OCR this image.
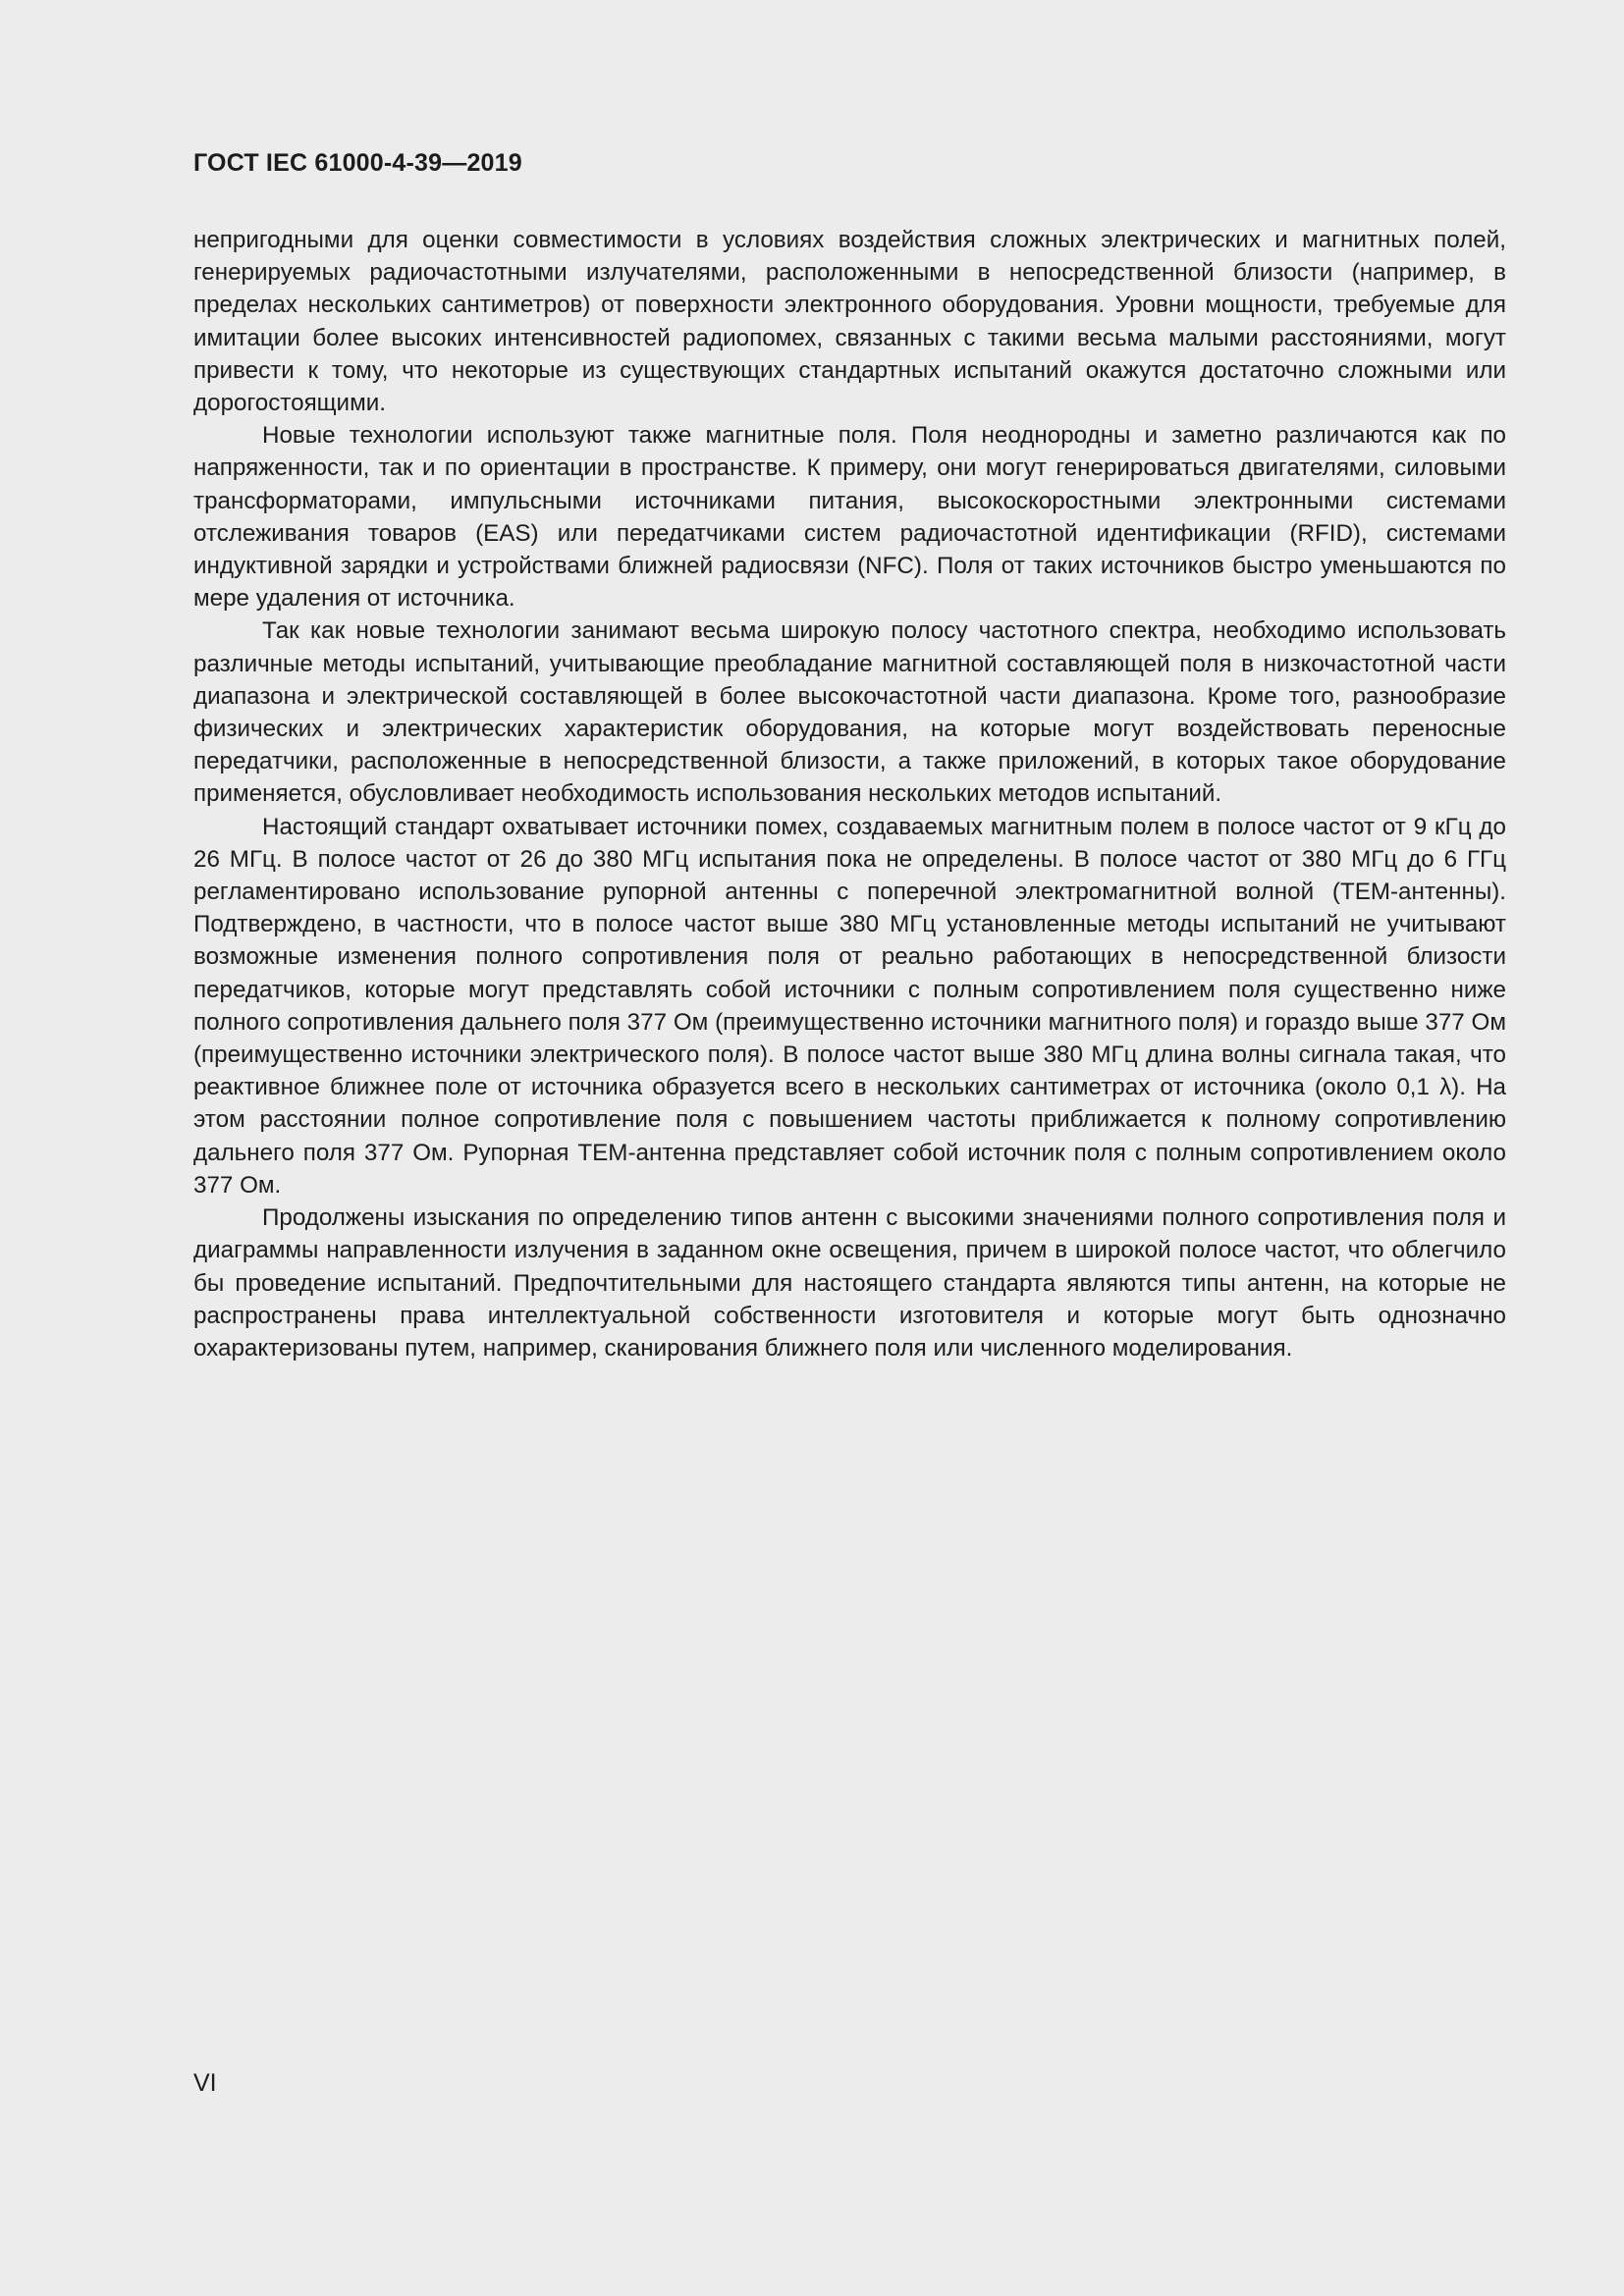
ГОСТ IEC 61000-4-39—2019

непригодными для оценки совместимости в условиях воздействия сложных электрических и магнитных полей, генерируемых радиочастотными излучателями, расположенными в непосредственной близости (например, в пределах нескольких сантиметров) от поверхности электронного оборудования. Уровни мощности, требуемые для имитации более высоких интенсивностей радиопомех, связанных с такими весьма малыми расстояниями, могут привести к тому, что некоторые из существующих стандартных испытаний окажутся достаточно сложными или дорогостоящими.

Новые технологии используют также магнитные поля. Поля неоднородны и заметно различаются как по напряженности, так и по ориентации в пространстве. К примеру, они могут генерироваться двигателями, силовыми трансформаторами, импульсными источниками питания, высокоскоростными электронными системами отслеживания товаров (EAS) или передатчиками систем радиочастотной идентификации (RFID), системами индуктивной зарядки и устройствами ближней радиосвязи (NFC). Поля от таких источников быстро уменьшаются по мере удаления от источника.

Так как новые технологии занимают весьма широкую полосу частотного спектра, необходимо использовать различные методы испытаний, учитывающие преобладание магнитной составляющей поля в низкочастотной части диапазона и электрической составляющей в более высокочастотной части диапазона. Кроме того, разнообразие физических и электрических характеристик оборудования, на которые могут воздействовать переносные передатчики, расположенные в непосредственной близости, а также приложений, в которых такое оборудование применяется, обусловливает необходимость использования нескольких методов испытаний.

Настоящий стандарт охватывает источники помех, создаваемых магнитным полем в полосе частот от 9 кГц до 26 МГц. В полосе частот от 26 до 380 МГц испытания пока не определены. В полосе частот от 380 МГц до 6 ГГц регламентировано использование рупорной антенны с поперечной электромагнитной волной (ТЕМ-антенны). Подтверждено, в частности, что в полосе частот выше 380 МГц установленные методы испытаний не учитывают возможные изменения полного сопротивления поля от реально работающих в непосредственной близости передатчиков, которые могут представлять собой источники с полным сопротивлением поля существенно ниже полного сопротивления дальнего поля 377 Ом (преимущественно источники магнитного поля) и гораздо выше 377 Ом (преимущественно источники электрического поля). В полосе частот выше 380 МГц длина волны сигнала такая, что реактивное ближнее поле от источника образуется всего в нескольких сантиметрах от источника (около 0,1 λ). На этом расстоянии полное сопротивление поля с повышением частоты приближается к полному сопротивлению дальнего поля 377 Ом. Рупорная ТЕМ-антенна представляет собой источник поля с полным сопротивлением около 377 Ом.

Продолжены изыскания по определению типов антенн с высокими значениями полного сопротивления поля и диаграммы направленности излучения в заданном окне освещения, причем в широкой полосе частот, что облегчило бы проведение испытаний. Предпочтительными для настоящего стандарта являются типы антенн, на которые не распространены права интеллектуальной собственности изготовителя и которые могут быть однозначно охарактеризованы путем, например, сканирования ближнего поля или численного моделирования.

VI
